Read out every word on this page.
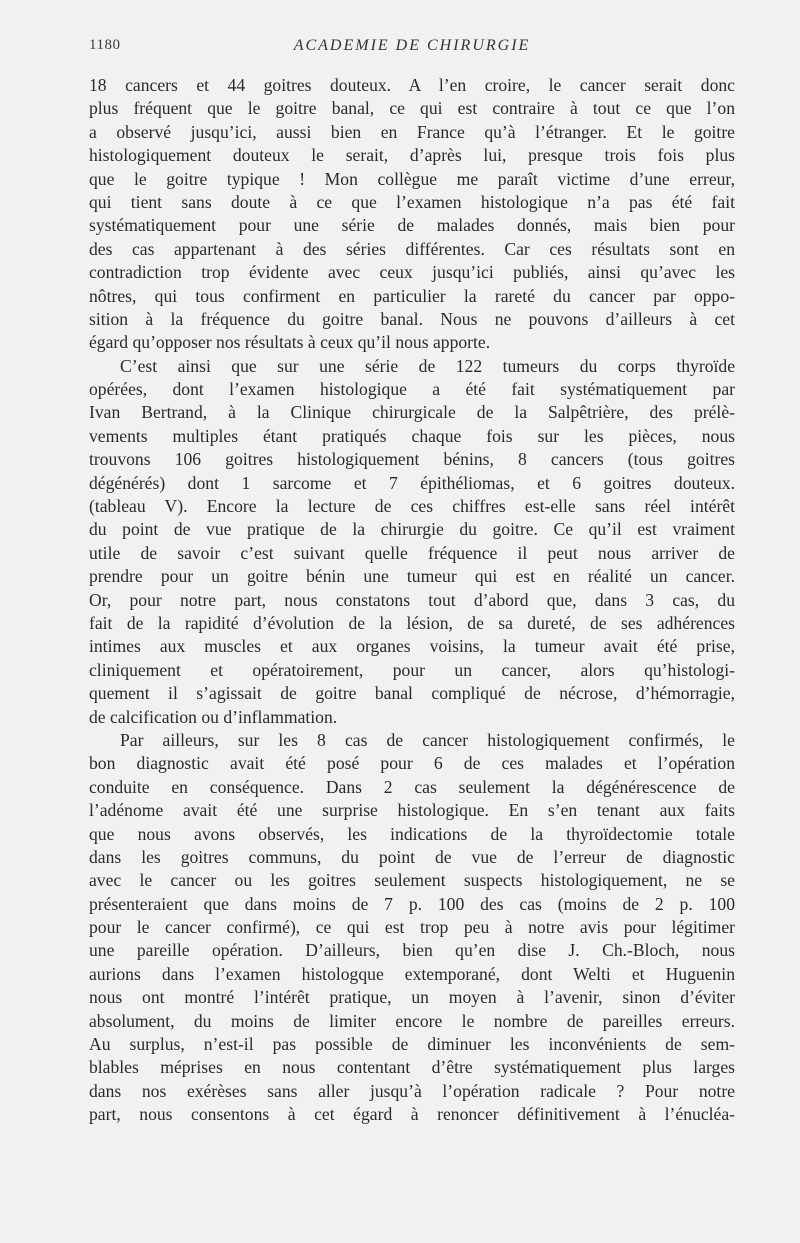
1180	ACADEMIE DE CHIRURGIE
18 cancers et 44 goitres douteux. A l’en croire, le cancer serait donc
plus fréquent que le goitre banal, ce qui est contraire à tout ce que l’on
a observé jusqu’ici, aussi bien en France qu’à l’étranger. Et le goitre
histologiquement douteux le serait, d’après lui, presque trois fois plus
que le goitre typique ! Mon collègue me paraît victime d’une erreur,
qui tient sans doute à ce que l’examen histologique n’a pas été fait
systématiquement pour une série de malades donnés, mais bien pour
des cas appartenant à des séries différentes. Car ces résultats sont en
contradiction trop évidente avec ceux jusqu’ici publiés, ainsi qu’avec les
nôtres, qui tous confirment en particulier la rareté du cancer par oppo-
sition à la fréquence du goitre banal. Nous ne pouvons d’ailleurs à cet
égard qu’opposer nos résultats à ceux qu’il nous apporte.
C’est ainsi que sur une série de 122 tumeurs du corps thyroïde
opérées, dont l’examen histologique a été fait systématiquement par
Ivan Bertrand, à la Clinique chirurgicale de la Salpêtrière, des prélè-
vements multiples étant pratiqués chaque fois sur les pièces, nous
trouvons 106 goitres histologiquement bénins, 8 cancers (tous goitres
dégénérés) dont 1 sarcome et 7 épithéliomas, et 6 goitres douteux.
(tableau V). Encore la lecture de ces chiffres est-elle sans réel intérêt
du point de vue pratique de la chirurgie du goitre. Ce qu’il est vraiment
utile de savoir c’est suivant quelle fréquence il peut nous arriver de
prendre pour un goitre bénin une tumeur qui est en réalité un cancer.
Or, pour notre part, nous constatons tout d’abord que, dans 3 cas, du
fait de la rapidité d’évolution de la lésion, de sa dureté, de ses adhérences
intimes aux muscles et aux organes voisins, la tumeur avait été prise,
cliniquement et opératoirement, pour un cancer, alors qu’histologi-
quement il s’agissait de goitre banal compliqué de nécrose, d’hémorragie,
de calcification ou d’inflammation.
Par ailleurs, sur les 8 cas de cancer histologiquement confirmés, le
bon diagnostic avait été posé pour 6 de ces malades et l’opération
conduite en conséquence. Dans 2 cas seulement la dégénérescence de
l’adénome avait été une surprise histologique. En s’en tenant aux faits
que nous avons observés, les indications de la thyroïdectomie totale
dans les goitres communs, du point de vue de l’erreur de diagnostic
avec le cancer ou les goitres seulement suspects histologiquement, ne se
présenteraient que dans moins de 7 p. 100 des cas (moins de 2 p. 100
pour le cancer confirmé), ce qui est trop peu à notre avis pour légitimer
une pareille opération. D’ailleurs, bien qu’en dise J. Ch.-Bloch, nous
aurions dans l’examen histologque extemporané, dont Welti et Huguenin
nous ont montré l’intérêt pratique, un moyen à l’avenir, sinon d’éviter
absolument, du moins de limiter encore le nombre de pareilles erreurs.
Au surplus, n’est-il pas possible de diminuer les inconvénients de sem-
blables méprises en nous contentant d’être systématiquement plus larges
dans nos exérèses sans aller jusqu’à l’opération radicale ? Pour notre
part, nous consentons à cet égard à renoncer définitivement à l’énucléa-
